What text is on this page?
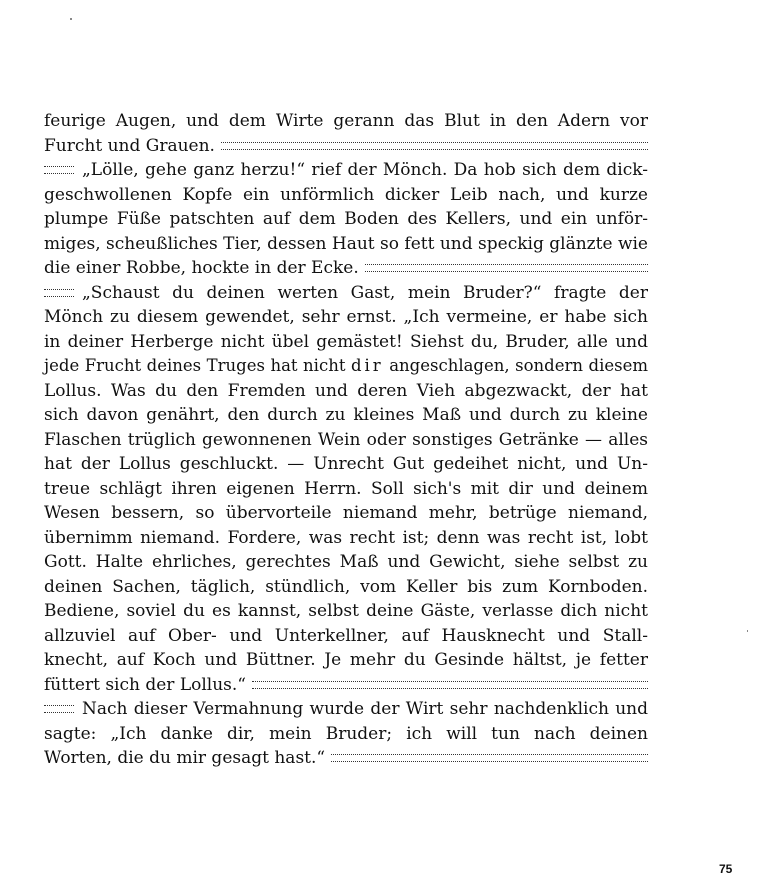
feurige Augen, und dem Wirte gerann das Blut in den Adern vor
Furcht und Grauen.
„Lölle, gehe ganz herzu!“ rief der Mönch. Da hob sich dem dick-
geschwollenen Kopfe ein unförmlich dicker Leib nach, und kurze
plumpe Füße patschten auf dem Boden des Kellers, und ein unför-
miges, scheußliches Tier, dessen Haut so fett und speckig glänzte wie
die einer Robbe, hockte in der Ecke.
„Schaust du deinen werten Gast, mein Bruder?“ fragte der
Mönch zu diesem gewendet, sehr ernst. „Ich vermeine, er habe sich
in deiner Herberge nicht übel gemästet! Siehst du, Bruder, alle und
jede Frucht deines Truges hat nicht dir angeschlagen, sondern diesem
Lollus. Was du den Fremden und deren Vieh abgezwackt, der hat
sich davon genährt, den durch zu kleines Maß und durch zu kleine
Flaschen trüglich gewonnenen Wein oder sonstiges Getränke — alles
hat der Lollus geschluckt. — Unrecht Gut gedeihet nicht, und Un-
treue schlägt ihren eigenen Herrn. Soll sich's mit dir und deinem
Wesen bessern, so übervorteile niemand mehr, betrüge niemand,
übernimm niemand. Fordere, was recht ist; denn was recht ist, lobt
Gott. Halte ehrliches, gerechtes Maß und Gewicht, siehe selbst zu
deinen Sachen, täglich, stündlich, vom Keller bis zum Kornboden.
Bediene, soviel du es kannst, selbst deine Gäste, verlasse dich nicht
allzuviel auf Ober- und Unterkellner, auf Hausknecht und Stall-
knecht, auf Koch und Büttner. Je mehr du Gesinde hältst, je fetter
füttert sich der Lollus.“
Nach dieser Vermahnung wurde der Wirt sehr nachdenklich und
sagte: „Ich danke dir, mein Bruder; ich will tun nach deinen
Worten, die du mir gesagt hast.“
75
